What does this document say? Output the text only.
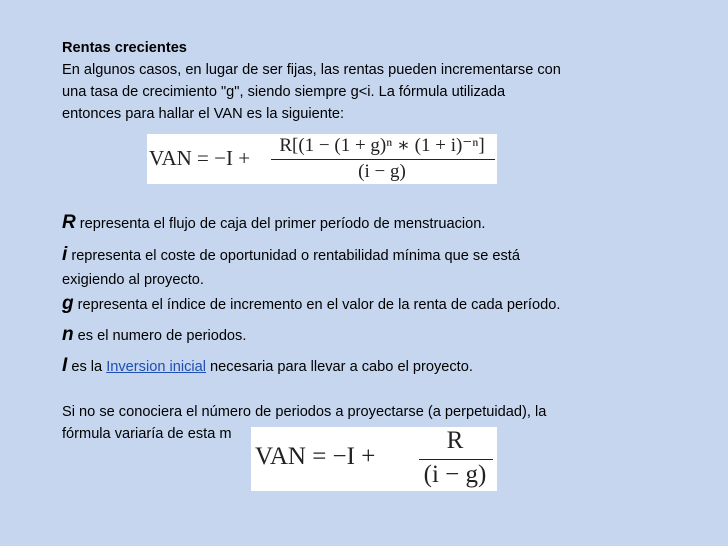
Rentas crecientes
En algunos casos, en lugar de ser fijas, las rentas pueden incrementarse con
una tasa de crecimiento "g", siendo siempre g<i. La fórmula utilizada
entonces para hallar el VAN es la siguiente:
VAN = −I +
R[(1 − (1 + g)ⁿ ∗ (1 + i)⁻ⁿ]
(i − g)
R representa el flujo de caja del primer período de menstruacion.
i representa el coste de oportunidad o rentabilidad mínima que se está
exigiendo al proyecto.
g representa el índice de incremento en el valor de la renta de cada período.
n es el numero de periodos.
I es la Inversion inicial necesaria para llevar a cabo el proyecto.
Si no se conociera el número de periodos a proyectarse (a perpetuidad), la
fórmula variaría de esta m
VAN = −I +
R
(i − g)
